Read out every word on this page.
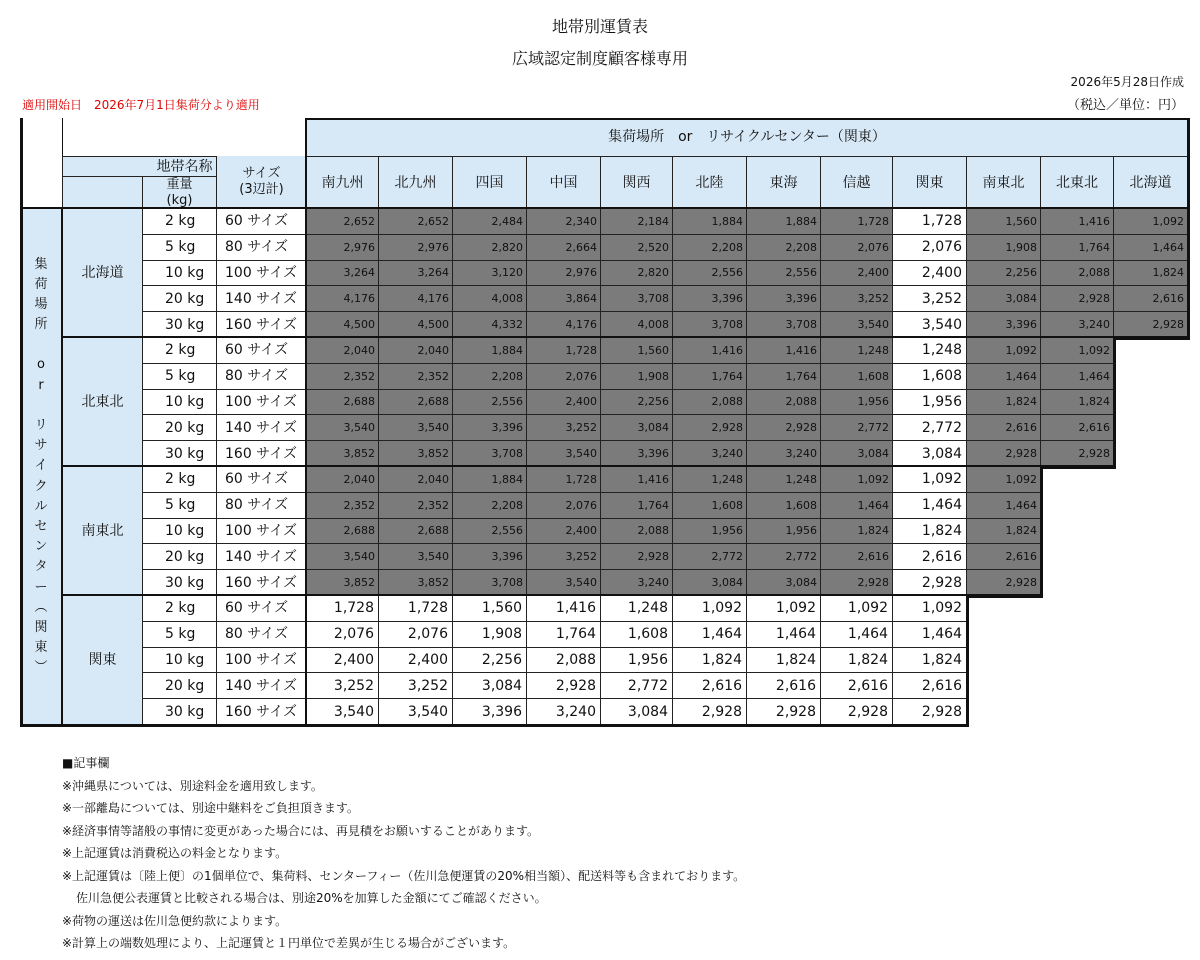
地帯別運賃表
広域認定制度顧客様専用
2026年5月28日作成
適用開始日　2026年7月1日集荷分より適用	（税込／単位：円）
集荷場所　or　リサイクルセンター（関東）
地帯名称
重量
(kg)
サイズ
(3辺計)	南九州	北九州	四国	中国	関西	北陸	東海	信越	関東	南東北	北東北	北海道
集
荷
場
所
o
r
リ
サ
イ
ク
ル
セ
ン
タ
ー
︵
関
東
︶
北海道
2 kg	60 サイズ	2,652	2,652	2,484	2,340	2,184	1,884	1,884	1,728	1,728	1,560	1,416	1,092
5 kg	80 サイズ	2,976	2,976	2,820	2,664	2,520	2,208	2,208	2,076	2,076	1,908	1,764	1,464
10 kg	100 サイズ	3,264	3,264	3,120	2,976	2,820	2,556	2,556	2,400	2,400	2,256	2,088	1,824
20 kg	140 サイズ	4,176	4,176	4,008	3,864	3,708	3,396	3,396	3,252	3,252	3,084	2,928	2,616
30 kg	160 サイズ	4,500	4,500	4,332	4,176	4,008	3,708	3,708	3,540	3,540	3,396	3,240	2,928
北東北
2 kg	60 サイズ	2,040	2,040	1,884	1,728	1,560	1,416	1,416	1,248	1,248	1,092	1,092
5 kg	80 サイズ	2,352	2,352	2,208	2,076	1,908	1,764	1,764	1,608	1,608	1,464	1,464
10 kg	100 サイズ	2,688	2,688	2,556	2,400	2,256	2,088	2,088	1,956	1,956	1,824	1,824
20 kg	140 サイズ	3,540	3,540	3,396	3,252	3,084	2,928	2,928	2,772	2,772	2,616	2,616
30 kg	160 サイズ	3,852	3,852	3,708	3,540	3,396	3,240	3,240	3,084	3,084	2,928	2,928
南東北
2 kg	60 サイズ	2,040	2,040	1,884	1,728	1,416	1,248	1,248	1,092	1,092	1,092
5 kg	80 サイズ	2,352	2,352	2,208	2,076	1,764	1,608	1,608	1,464	1,464	1,464
10 kg	100 サイズ	2,688	2,688	2,556	2,400	2,088	1,956	1,956	1,824	1,824	1,824
20 kg	140 サイズ	3,540	3,540	3,396	3,252	2,928	2,772	2,772	2,616	2,616	2,616
30 kg	160 サイズ	3,852	3,852	3,708	3,540	3,240	3,084	3,084	2,928	2,928	2,928
関東
2 kg	60 サイズ	1,728	1,728	1,560	1,416	1,248	1,092	1,092	1,092	1,092
5 kg	80 サイズ	2,076	2,076	1,908	1,764	1,608	1,464	1,464	1,464	1,464
10 kg	100 サイズ	2,400	2,400	2,256	2,088	1,956	1,824	1,824	1,824	1,824
20 kg	140 サイズ	3,252	3,252	3,084	2,928	2,772	2,616	2,616	2,616	2,616
30 kg	160 サイズ	3,540	3,540	3,396	3,240	3,084	2,928	2,928	2,928	2,928
■記事欄
※沖縄県については、別途料金を適用致します。
※一部離島については、別途中継料をご負担頂きます。
※経済事情等諸般の事情に変更があった場合には、再見積をお願いすることがあります。
※上記運賃は消費税込の料金となります。
※上記運賃は〔陸上便〕の1個単位で、集荷料、センターフィー（佐川急便運賃の20%相当額）、配送料等も含まれております。
佐川急便公表運賃と比較される場合は、別途20%を加算した金額にてご確認ください。
※荷物の運送は佐川急便約款によります。
※計算上の端数処理により、上記運賃と１円単位で差異が生じる場合がございます。
